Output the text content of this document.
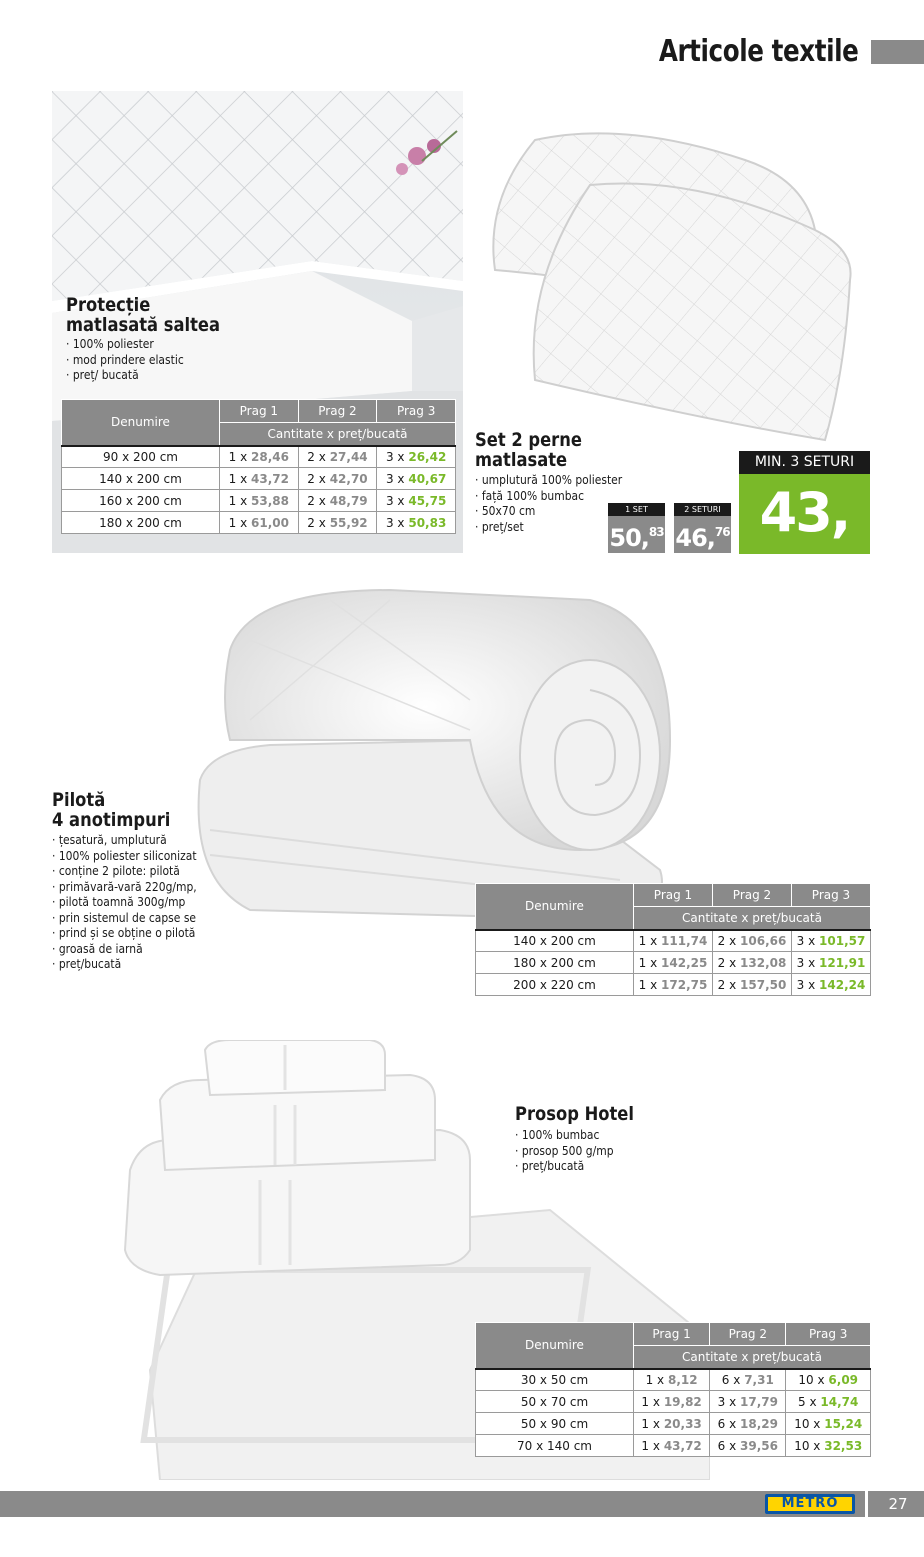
Articole textile
Protecție
matlasată saltea
· 100% poliester
· mod prindere elastic
· preț/ bucată
Denumire	Prag 1	Prag 2	Prag 3
	Cantitate x preț/bucată		
90 x 200 cm	1 x 28,46	2 x 27,44	3 x 26,42
140 x 200 cm	1 x 43,72	2 x 42,70	3 x 40,67
160 x 200 cm	1 x 53,88	2 x 48,79	3 x 45,75
180 x 200 cm	1 x 61,00	2 x 55,92	3 x 50,83
Set 2 perne
matlasate
· umplutură 100% poliester
· față 100% bumbac
· 50x70 cm
· preț/set
1 SET
50,83
2 SETURI
46,76
MIN. 3 SETURI
43,71
Pilotă
4 anotimpuri
· țesatură, umplutură
· 100% poliester siliconizat
· conține 2 pilote: pilotă
· primăvară-vară 220g/mp,
· pilotă toamnă 300g/mp
· prin sistemul de capse se
· prind și se obține o pilotă
· groasă de iarnă
· preț/bucată
Denumire	Prag 1	Prag 2	Prag 3
	Cantitate x preț/bucată		
140 x 200 cm	1 x 111,74	2 x 106,66	3 x 101,57
180 x 200 cm	1 x 142,25	2 x 132,08	3 x 121,91
200 x 220 cm	1 x 172,75	2 x 157,50	3 x 142,24
Prosop Hotel
· 100% bumbac
· prosop 500 g/mp
· preț/bucată
Denumire	Prag 1	Prag 2	Prag 3
	Cantitate x preț/bucată		
30 x 50 cm	1 x 8,12	6 x 7,31	10 x 6,09
50 x 70 cm	1 x 19,82	3 x 17,79	5 x 14,74
50 x 90 cm	1 x 20,33	6 x 18,29	10 x 15,24
70 x 140 cm	1 x 43,72	6 x 39,56	10 x 32,53
METRO	27
